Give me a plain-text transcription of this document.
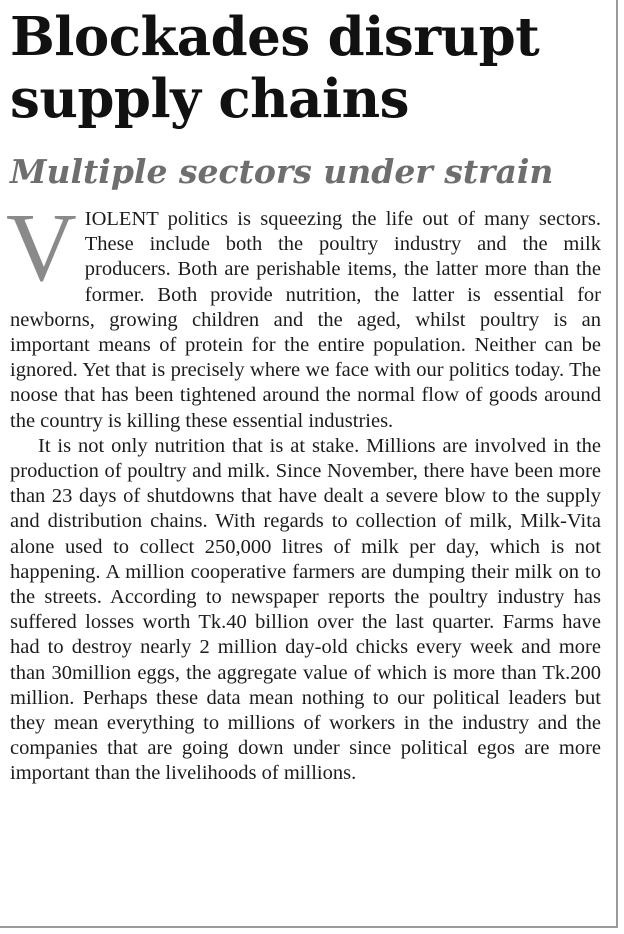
Blockades disrupt supply chains
Multiple sectors under strain

VIOLENT politics is squeezing the life out of many sectors. These include both the poultry industry and the milk producers. Both are perishable items, the latter more than the former. Both provide nutrition, the latter is essential for newborns, growing children and the aged, whilst poultry is an important means of protein for the entire population. Neither can be ignored. Yet that is precisely where we face with our politics today. The noose that has been tightened around the normal flow of goods around the country is killing these essential industries.

It is not only nutrition that is at stake. Millions are involved in the production of poultry and milk. Since November, there have been more than 23 days of shutdowns that have dealt a severe blow to the supply and distribution chains. With regards to collection of milk, Milk-Vita alone used to collect 250,000 litres of milk per day, which is not happening. A million cooperative farmers are dumping their milk on to the streets. According to newspaper reports the poultry industry has suffered losses worth Tk.40 billion over the last quarter. Farms have had to destroy nearly 2 million day-old chicks every week and more than 30million eggs, the aggregate value of which is more than Tk.200 million. Perhaps these data mean nothing to our political leaders but they mean everything to millions of workers in the industry and the companies that are going down under since political egos are more important than the livelihoods of millions.
